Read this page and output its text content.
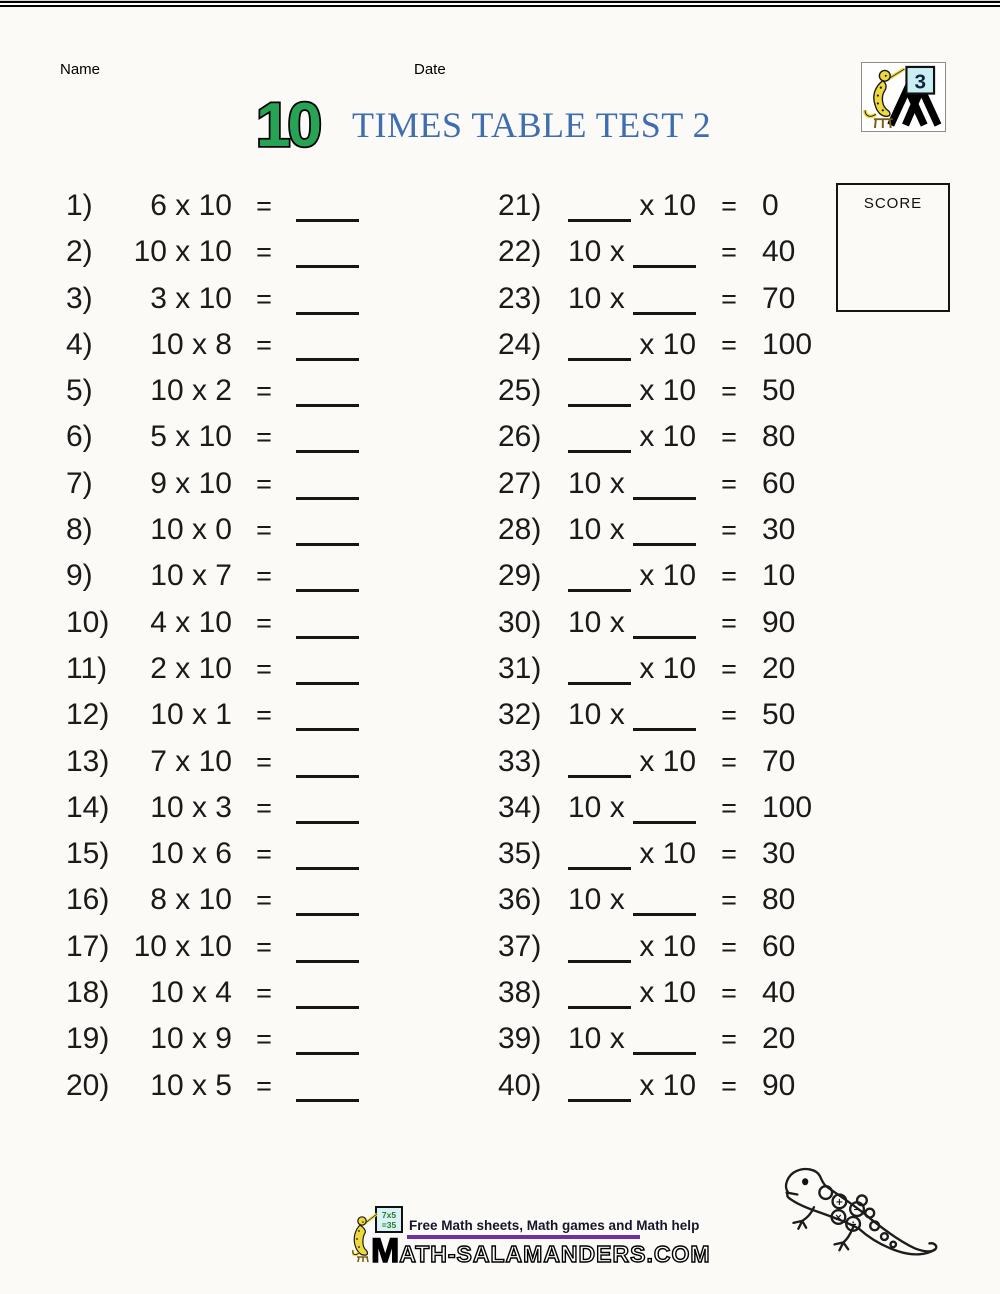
Name	Date
3
10 TIMES TABLE TEST 2
SCORE
1) 6 x 10 =
2) 10 x 10 =
3) 3 x 10 =
4) 10 x 8 =
5) 10 x 2 =
6) 5 x 10 =
7) 9 x 10 =
8) 10 x 0 =
9) 10 x 7 =
10) 4 x 10 =
11) 2 x 10 =
12) 10 x 1 =
13) 7 x 10 =
14) 10 x 3 =
15) 10 x 6 =
16) 8 x 10 =
17) 10 x 10 =
18) 10 x 4 =
19) 10 x 9 =
20) 10 x 5 =
21)	x 10 = 0
22) 10 x	= 40
23) 10 x	= 70
24)	x 10 = 100
25)	x 10 = 50
26)	x 10 = 80
27) 10 x	= 60
28) 10 x	= 30
29)	x 10 = 10
30) 10 x	= 90
31)	x 10 = 20
32) 10 x	= 50
33)	x 10 = 70
34) 10 x	= 100
35)	x 10 = 30
36) 10 x	= 80
37)	x 10 = 60
38)	x 10 = 40
39) 10 x	= 20
40)	x 10 = 90
7x5
=35 Free Math sheets, Math games and Math help
MATH-SALAMANDERS.COM
+
−
×
÷
